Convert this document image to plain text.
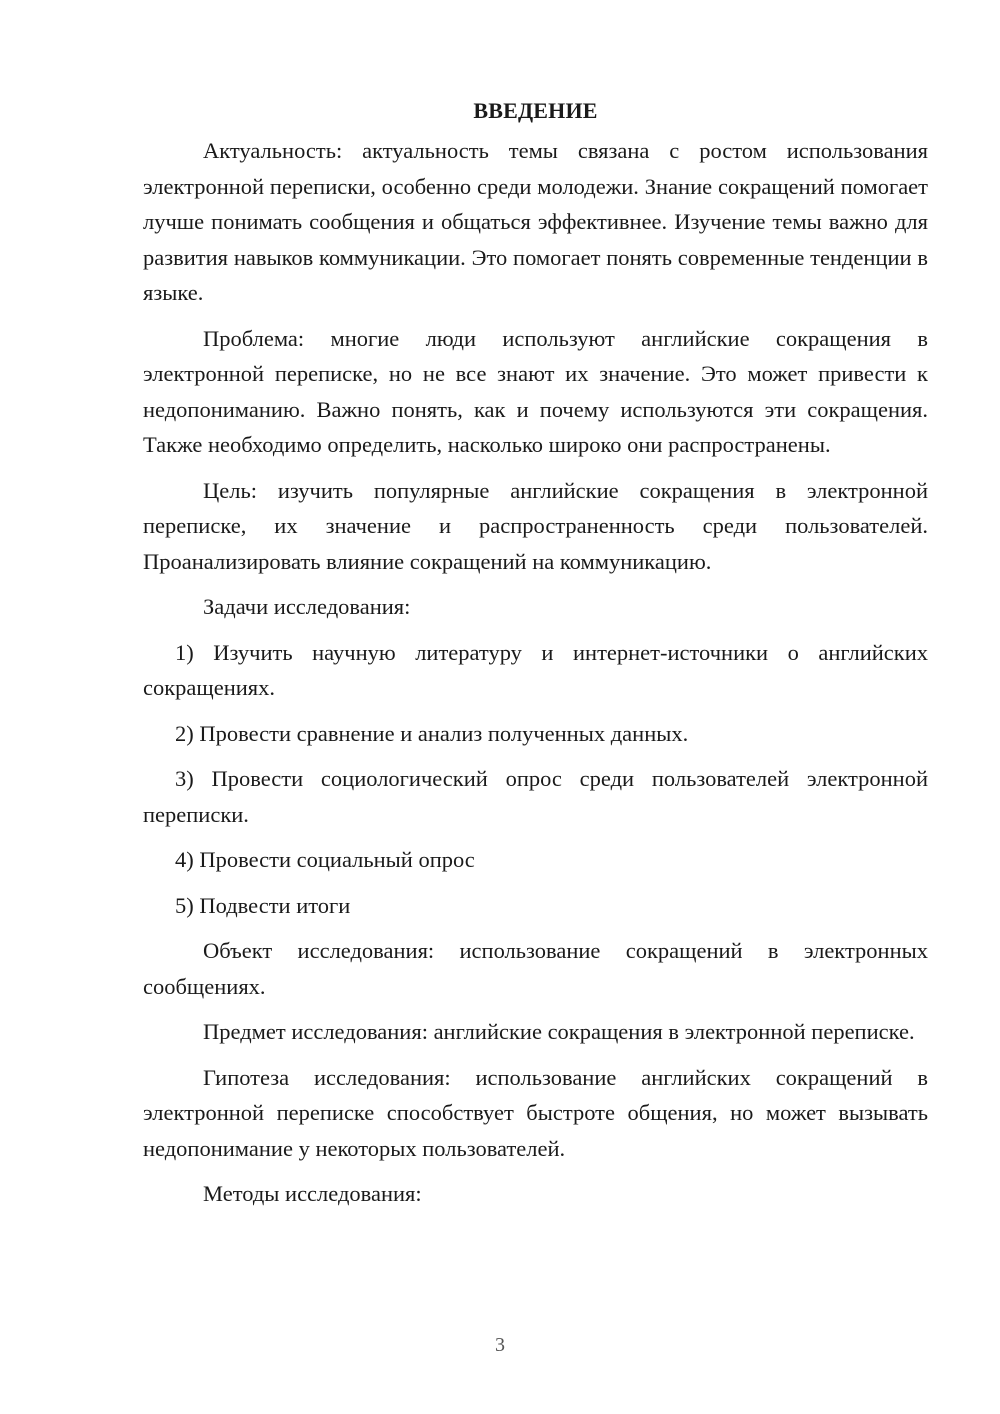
ВВЕДЕНИЕ

Актуальность: актуальность темы связана с ростом использования электронной переписки, особенно среди молодежи. Знание сокращений помогает лучше понимать сообщения и общаться эффективнее. Изучение темы важно для развития навыков коммуникации. Это помогает понять современные тенденции в языке.

Проблема: многие люди используют английские сокращения в электронной переписке, но не все знают их значение. Это может привести к недопониманию. Важно понять, как и почему используются эти сокращения. Также необходимо определить, насколько широко они распространены.

Цель: изучить популярные английские сокращения в электронной переписке, их значение и распространенность среди пользователей. Проанализировать влияние сокращений на коммуникацию.

Задачи исследования:

1) Изучить научную литературу и интернет-источники о английских сокращениях.

2) Провести сравнение и анализ полученных данных.

3) Провести социологический опрос среди пользователей электронной переписки.

4) Провести социальный опрос

5) Подвести итоги

Объект исследования: использование сокращений в электронных сообщениях.

Предмет исследования: английские сокращения в электронной переписке.

Гипотеза исследования: использование английских сокращений в электронной переписке способствует быстроте общения, но может вызывать недопонимание у некоторых пользователей.

Методы исследования:

3
